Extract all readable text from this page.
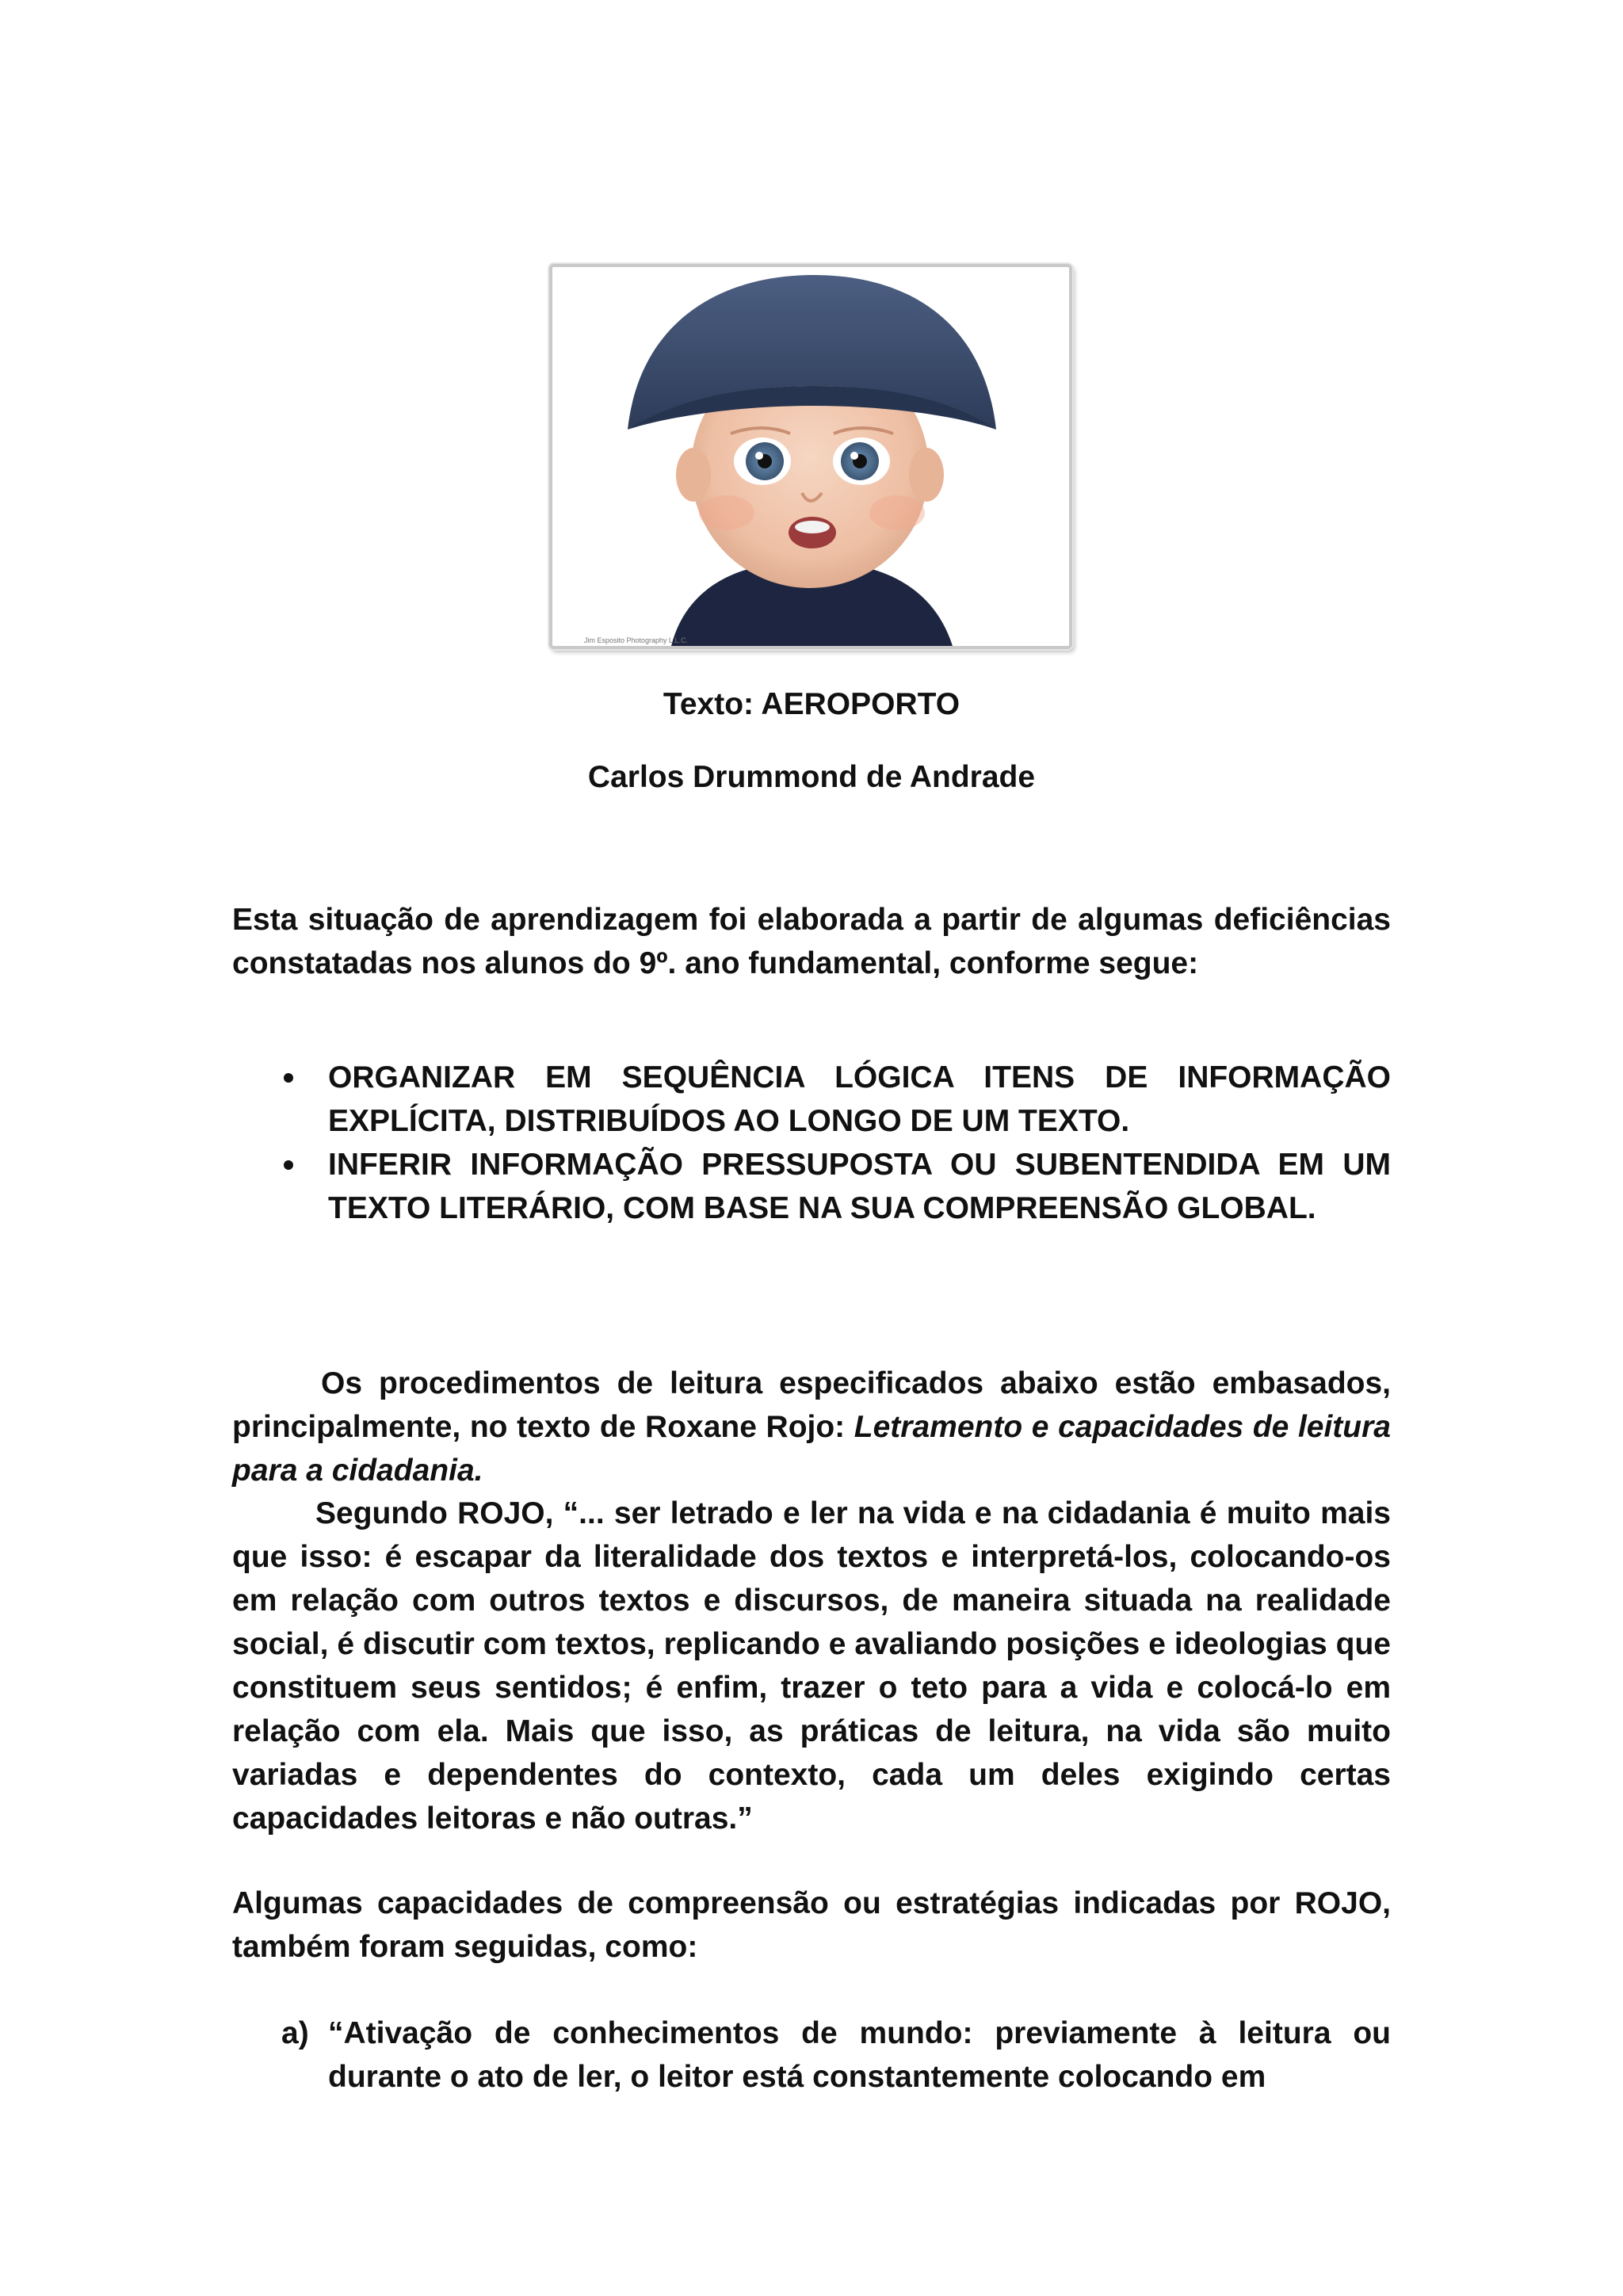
Jim Esposito Photography L.L.C.
Texto: AEROPORTO
Carlos Drummond de Andrade
Esta situação de aprendizagem foi elaborada a partir de algumas deficiências constatadas nos alunos do 9º. ano fundamental, conforme segue:
ORGANIZAR EM SEQUÊNCIA LÓGICA ITENS DE INFORMAÇÃO EXPLÍCITA, DISTRIBUÍDOS AO LONGO DE UM TEXTO.
INFERIR INFORMAÇÃO PRESSUPOSTA OU SUBENTENDIDA EM UM TEXTO LITERÁRIO, COM BASE NA SUA COMPREENSÃO GLOBAL.
Os procedimentos de leitura especificados abaixo estão embasados, principalmente, no texto de Roxane Rojo: Letramento e capacidades de leitura para a cidadania.
Segundo ROJO, “... ser letrado e ler na vida e na cidadania é muito mais que isso: é escapar da literalidade dos textos e interpretá-los, colocando-os em relação com outros textos e discursos, de maneira situada na realidade social, é discutir com textos, replicando e avaliando posições e ideologias que constituem seus sentidos; é enfim, trazer o teto para a vida e colocá-lo em relação com ela. Mais que isso, as práticas de leitura, na vida são muito variadas e dependentes do contexto, cada um deles exigindo certas capacidades leitoras e não outras.”
Algumas capacidades de compreensão ou estratégias indicadas por ROJO, também foram seguidas, como:
a) “Ativação de conhecimentos de mundo: previamente à leitura ou durante o ato de ler, o leitor está constantemente colocando em
